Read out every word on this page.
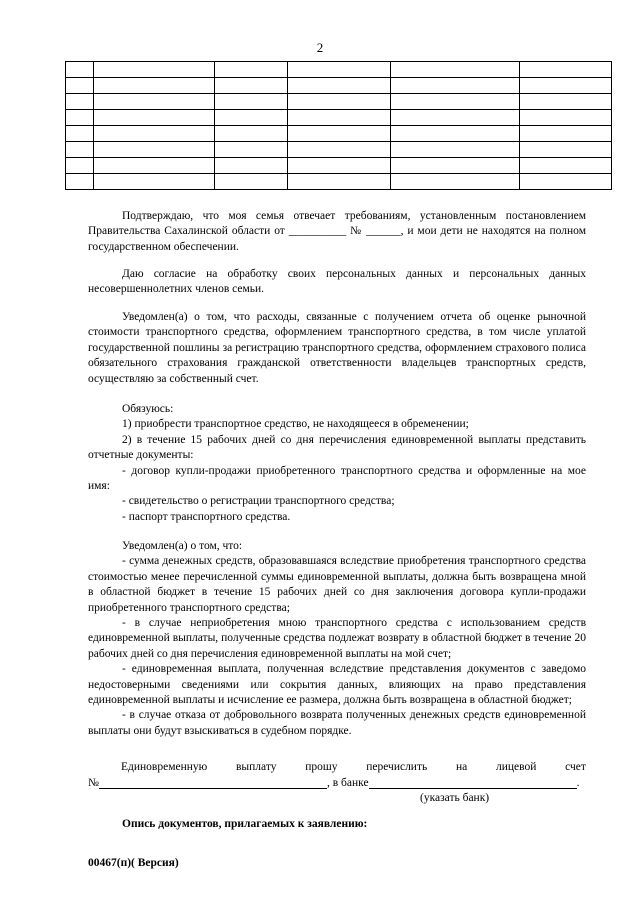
2

Подтверждаю, что моя семья отвечает требованиям, установленным постановлением Правительства Сахалинской области от __________ № ______, и мои дети не находятся на полном государственном обеспечении.

Даю согласие на обработку своих персональных данных и персональных данных несовершеннолетних членов семьи.

Уведомлен(а) о том, что расходы, связанные с получением отчета об оценке рыночной стоимости транспортного средства, оформлением транспортного средства, в том числе уплатой государственной пошлины за регистрацию транспортного средства, оформлением страхового полиса обязательного страхования гражданской ответственности владельцев транспортных средств, осуществляю за собственный счет.

Обязуюсь:

1) приобрести транспортное средство, не находящееся в обременении;

2) в течение 15 рабочих дней со дня перечисления единовременной выплаты представить отчетные документы:

- договор купли-продажи приобретенного транспортного средства и оформленные на мое имя:

- свидетельство о регистрации транспортного средства;

- паспорт транспортного средства.

Уведомлен(а) о том, что:

- сумма денежных средств, образовавшаяся вследствие приобретения транспортного средства стоимостью менее перечисленной суммы единовременной выплаты, должна быть возвращена мной в областной бюджет в течение 15 рабочих дней со дня заключения договора купли-продажи приобретенного транспортного средства;

- в случае неприобретения мною транспортного средства с использованием средств единовременной выплаты, полученные средства подлежат возврату в областной бюджет в течение 20 рабочих дней со дня перечисления единовременной выплаты на мой счет;

- единовременная выплата, полученная вследствие представления документов с заведомо недостоверными сведениями или сокрытия данных, влияющих на право представления единовременной выплаты и исчисление ее размера, должна быть возвращена в областной бюджет;

- в случае отказа от добровольного возврата полученных денежных средств единовременной выплаты они будут взыскиваться в судебном порядке.

Единовременную выплату прошу перечислить на лицевой счет
№	, в банке	.
(указать банк)
Опись документов, прилагаемых к заявлению:
00467(п)( Версия)
